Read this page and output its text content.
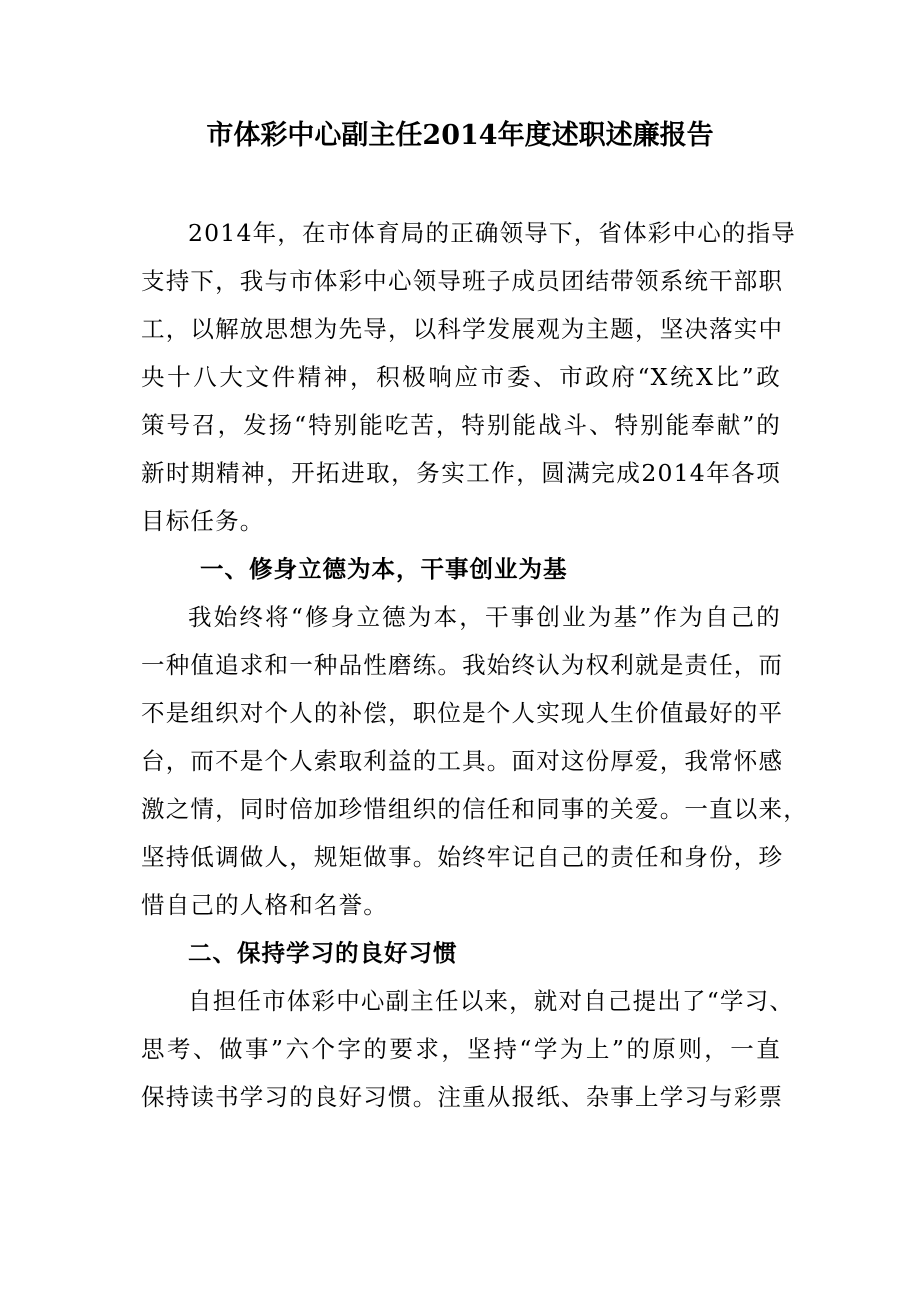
市体彩中心副主任2014年度述职述廉报告
2014年，在市体育局的正确领导下，省体彩中心的指导
支持下，我与市体彩中心领导班子成员团结带领系统干部职
工，以解放思想为先导，以科学发展观为主题，坚决落实中
央十八大文件精神，积极响应市委、市政府“X统X比”政
策号召，发扬“特别能吃苦，特别能战斗、特别能奉献”的
新时期精神，开拓进取，务实工作，圆满完成2014年各项
目标任务。
一、修身立德为本，干事创业为基
我始终将“修身立德为本，干事创业为基”作为自己的
一种值追求和一种品性磨练。我始终认为权利就是责任，而
不是组织对个人的补偿，职位是个人实现人生价值最好的平
台，而不是个人索取利益的工具。面对这份厚爱，我常怀感
激之情，同时倍加珍惜组织的信任和同事的关爱。一直以来，
坚持低调做人，规矩做事。始终牢记自己的责任和身份，珍
惜自己的人格和名誉。
二、保持学习的良好习惯
自担任市体彩中心副主任以来，就对自己提出了“学习、
思考、做事”六个字的要求，坚持“学为上”的原则，一直
保持读书学习的良好习惯。注重从报纸、杂事上学习与彩票
